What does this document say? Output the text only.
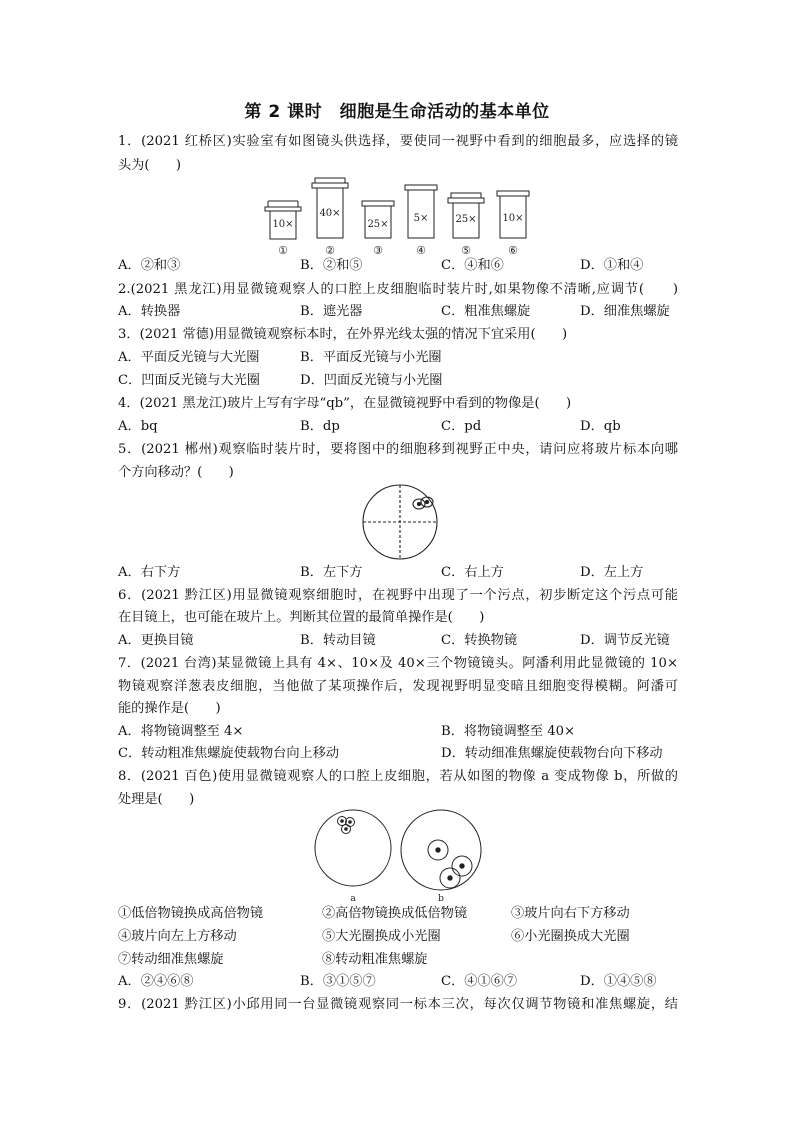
第 2 课时　细胞是生命活动的基本单位
1．(2021 红桥区)实验室有如图镜头供选择，要使同一视野中看到的细胞最多，应选择的镜
头为(　　)
10×
40×
25×
5×	25×	10×
①	②	③	④	⑤	⑥
A．②和③	B．②和⑤	C．④和⑥	D．①和④
2.(2021 黑龙江)用显微镜观察人的口腔上皮细胞临时装片时,如果物像不清晰,应调节(　　)
A．转换器	B．遮光器	C．粗准焦螺旋	D．细准焦螺旋
3．(2021 常德)用显微镜观察标本时，在外界光线太强的情况下宜采用(　　)
A．平面反光镜与大光圈	B．平面反光镜与小光圈
C．凹面反光镜与大光圈	D．凹面反光镜与小光圈
4．(2021 黑龙江)玻片上写有字母“qb”，在显微镜视野中看到的物像是(　　)
A．bq	B．dp	C．pd	D．qb
5．(2021 郴州)观察临时装片时，要将图中的细胞移到视野正中央，请问应将玻片标本向哪
个方向移动？(　　)
A．右下方	B．左下方	C．右上方	D．左上方
6．(2021 黔江区)用显微镜观察细胞时，在视野中出现了一个污点，初步断定这个污点可能
在目镜上，也可能在玻片上。判断其位置的最简单操作是(　　)
A．更换目镜	B．转动目镜	C．转换物镜	D．调节反光镜
7．(2021 台湾)某显微镜上具有 4×、10×及 40×三个物镜镜头。阿潘利用此显微镜的 10×
物镜观察洋葱表皮细胞，当他做了某项操作后，发现视野明显变暗且细胞变得模糊。阿潘可
能的操作是(　　)
A．将物镜调整至 4×	B．将物镜调整至 40×
C．转动粗准焦螺旋使载物台向上移动	D．转动细准焦螺旋使载物台向下移动
8．(2021 百色)使用显微镜观察人的口腔上皮细胞，若从如图的物像 a 变成物像 b，所做的
处理是(　　)
a	b
①低倍物镜换成高倍物镜	②高倍物镜换成低倍物镜	③玻片向右下方移动
④玻片向左上方移动	⑤大光圈换成小光圈	⑥小光圈换成大光圈
⑦转动细准焦螺旋	⑧转动粗准焦螺旋
A．②④⑥⑧	B．③①⑤⑦	C．④①⑥⑦	D．①④⑤⑧
9．(2021 黔江区)小邱用同一台显微镜观察同一标本三次，每次仅调节物镜和准焦螺旋，结
